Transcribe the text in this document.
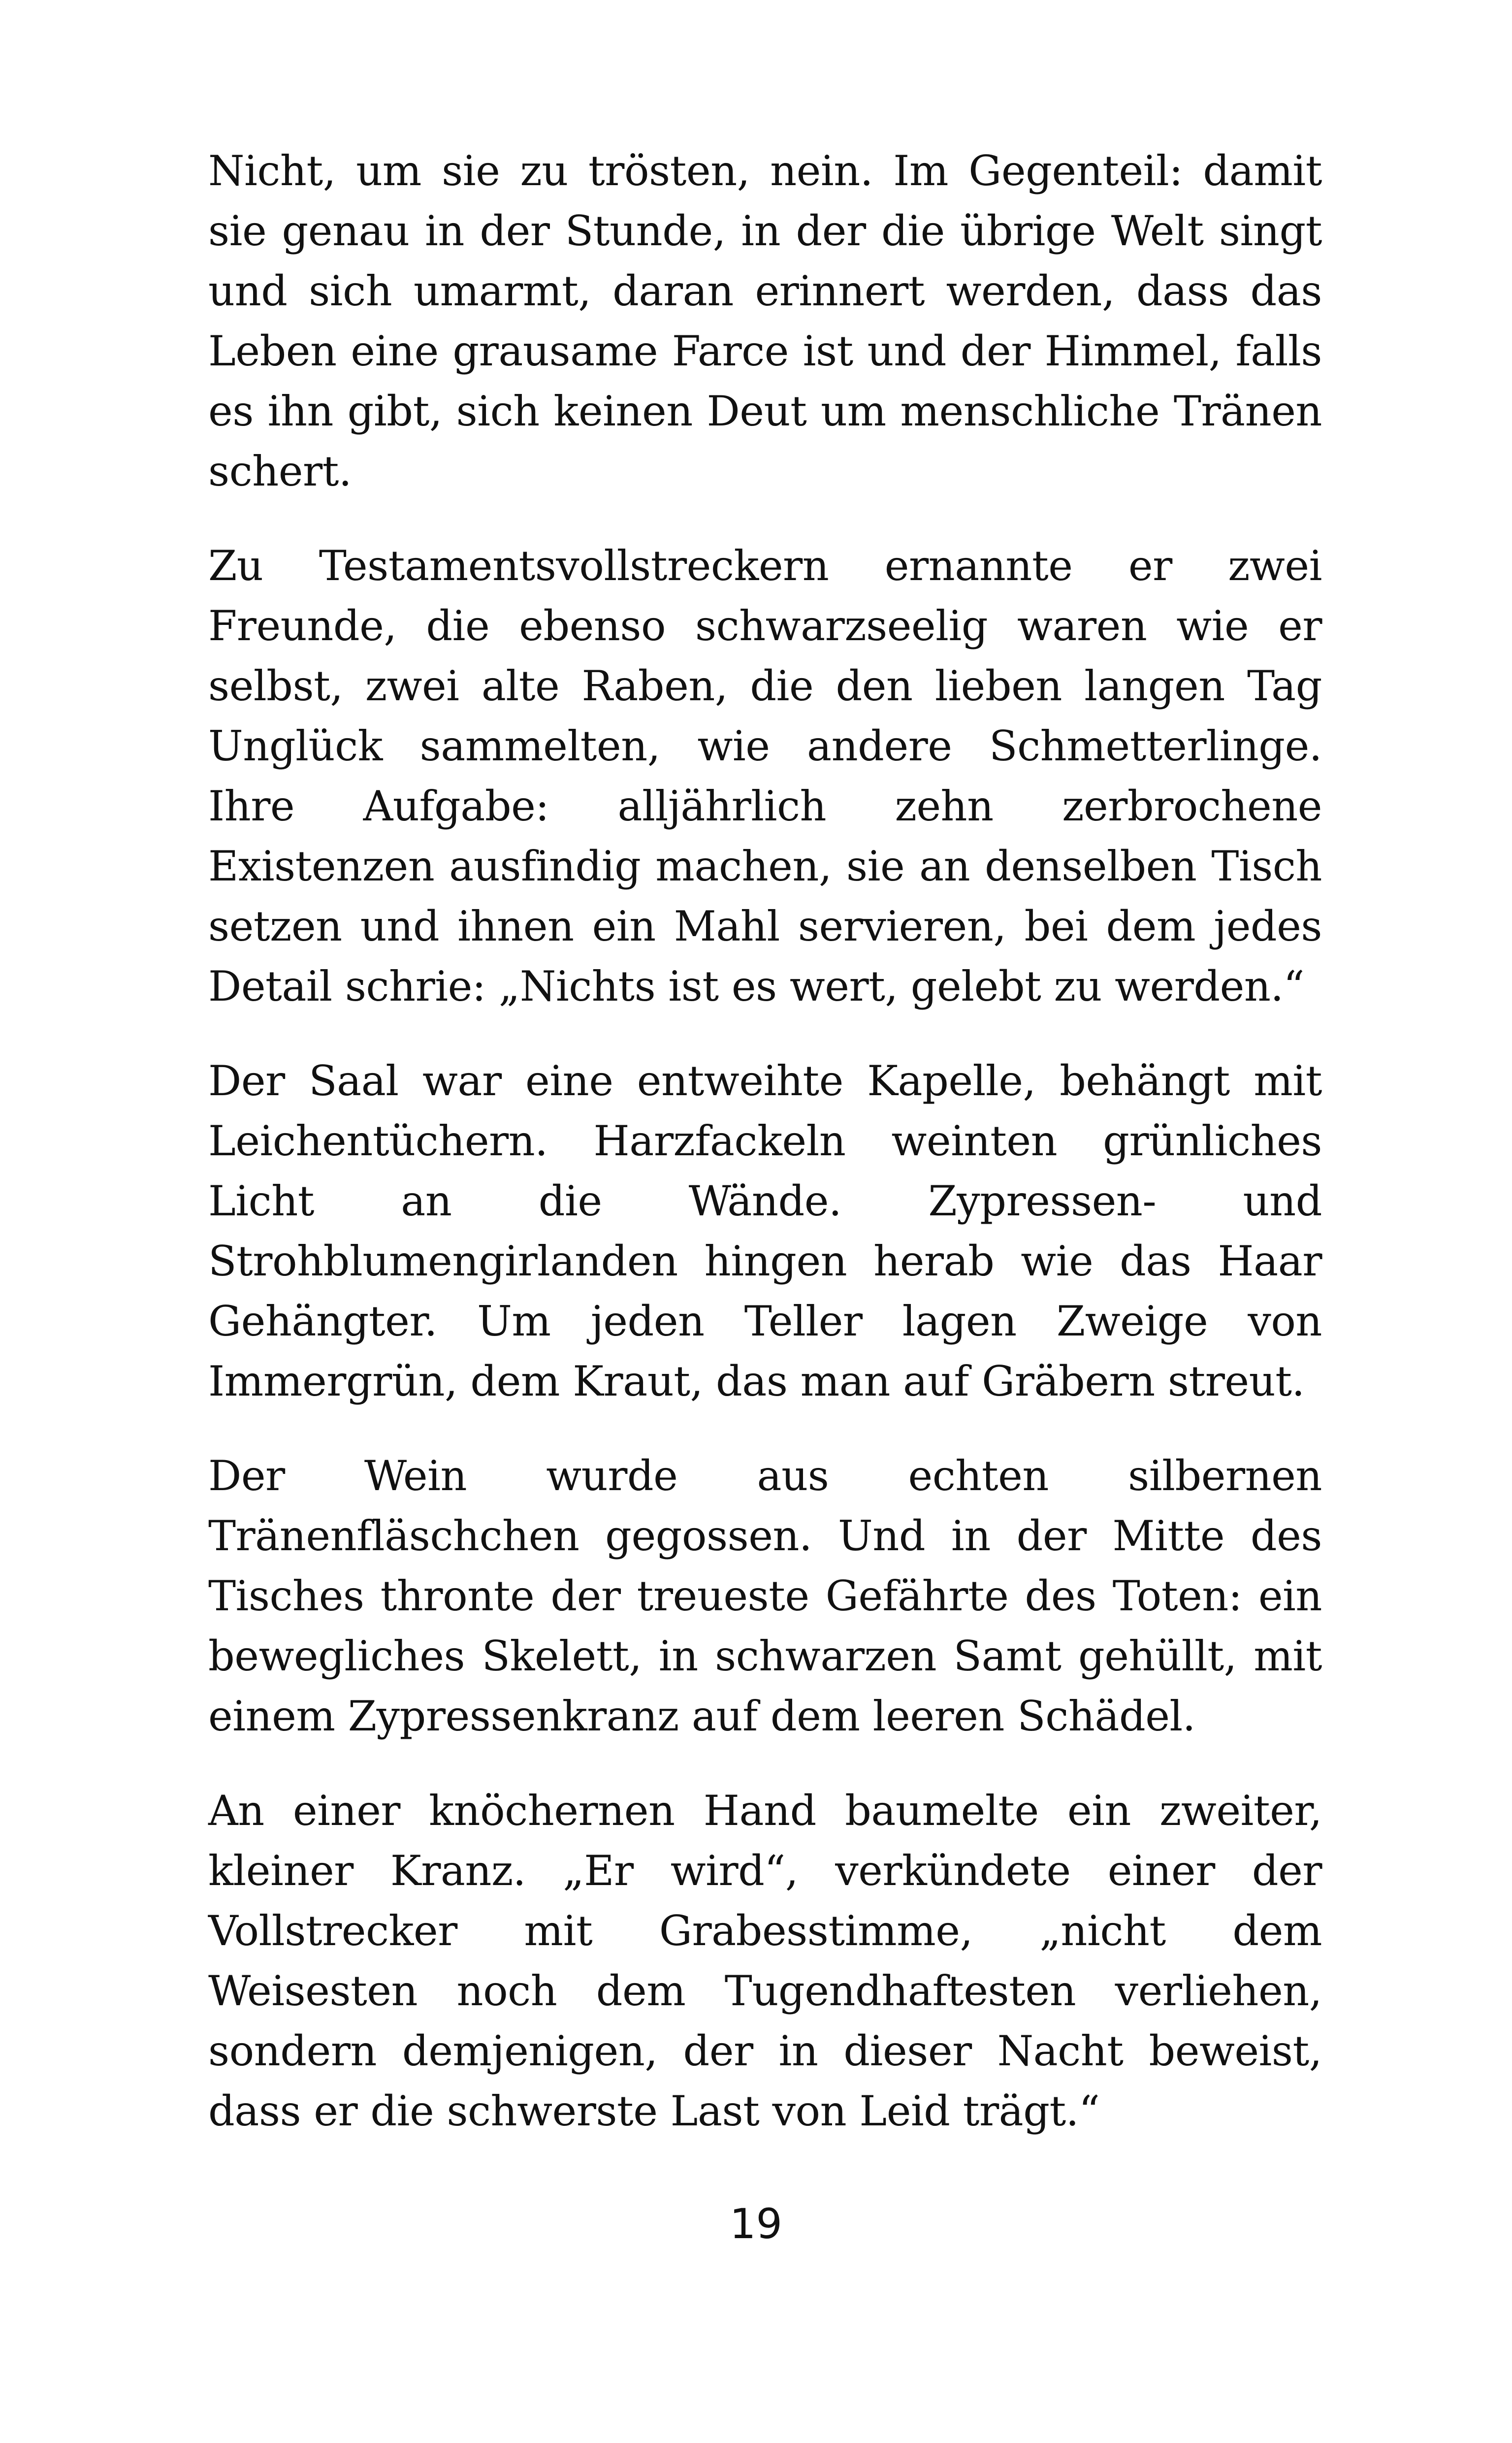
Nicht, um sie zu trösten, nein. Im Gegenteil: damit sie genau in der Stunde, in der die übrige Welt singt und sich umarmt, daran erinnert werden, dass das Leben eine grausame Farce ist und der Himmel, falls es ihn gibt, sich keinen Deut um menschliche Tränen schert.

Zu Testamentsvollstreckern ernannte er zwei Freunde, die ebenso schwarzseelig waren wie er selbst, zwei alte Raben, die den lieben langen Tag Unglück sammelten, wie andere Schmetterlinge. Ihre Aufgabe: alljährlich zehn zerbrochene Existenzen ausfindig machen, sie an denselben Tisch setzen und ihnen ein Mahl servieren, bei dem jedes Detail schrie: „Nichts ist es wert, gelebt zu werden.“

Der Saal war eine entweihte Kapelle, behängt mit Leichentüchern. Harzfackeln weinten grünliches Licht an die Wände. Zypressen- und Strohblumengirlanden hingen herab wie das Haar Gehängter. Um jeden Teller lagen Zweige von Immergrün, dem Kraut, das man auf Gräbern streut.

Der Wein wurde aus echten silbernen Tränenfläschchen gegossen. Und in der Mitte des Tisches thronte der treueste Gefährte des Toten: ein bewegliches Skelett, in schwarzen Samt gehüllt, mit einem Zypressenkranz auf dem leeren Schädel.

An einer knöchernen Hand baumelte ein zweiter, kleiner Kranz. „Er wird“, verkündete einer der Vollstrecker mit Grabesstimme, „nicht dem Weisesten noch dem Tugendhaftesten verliehen, sondern demjenigen, der in dieser Nacht beweist, dass er die schwerste Last von Leid trägt.“

19
